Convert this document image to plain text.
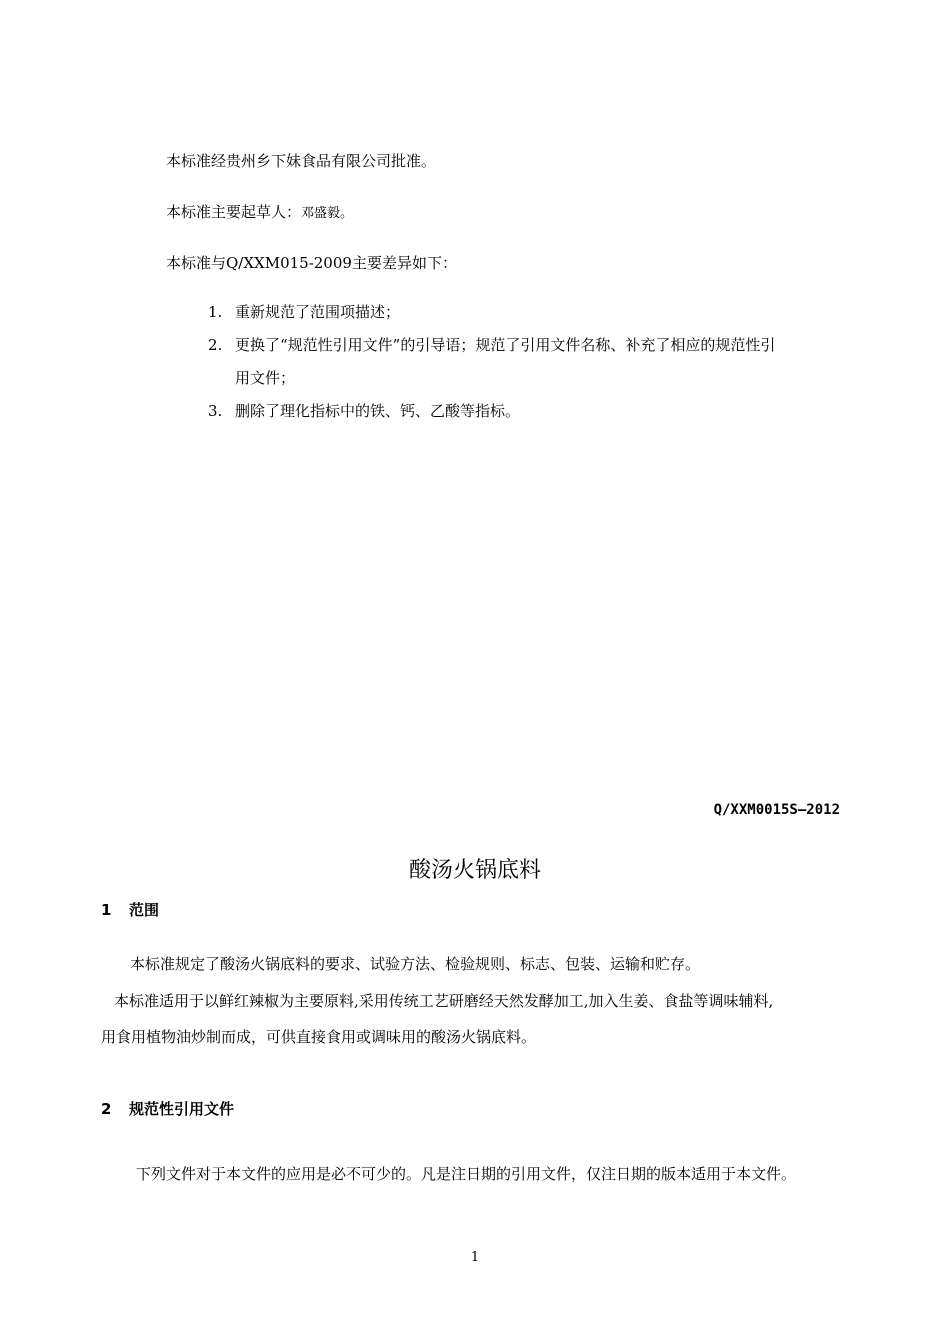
本标准经贵州乡下妹食品有限公司批准。
本标准主要起草人：邓盛毅。
本标准与Q/XXM015-2009主要差异如下：
1. 重新规范了范围项描述；
2. 更换了“规范性引用文件”的引导语；规范了引用文件名称、补充了相应的规范性引
用文件；
3. 删除了理化指标中的铁、钙、乙酸等指标。
Q/XXM0015S—2012
酸汤火锅底料
1 范围
本标准规定了酸汤火锅底料的要求、试验方法、检验规则、标志、包装、运输和贮存。
本标准适用于以鲜红辣椒为主要原料,采用传统工艺研磨经天然发酵加工,加入生姜、食盐等调味辅料,
用食用植物油炒制而成，可供直接食用或调味用的酸汤火锅底料。
2 规范性引用文件
下列文件对于本文件的应用是必不可少的。凡是注日期的引用文件，仅注日期的版本适用于本文件。
1
